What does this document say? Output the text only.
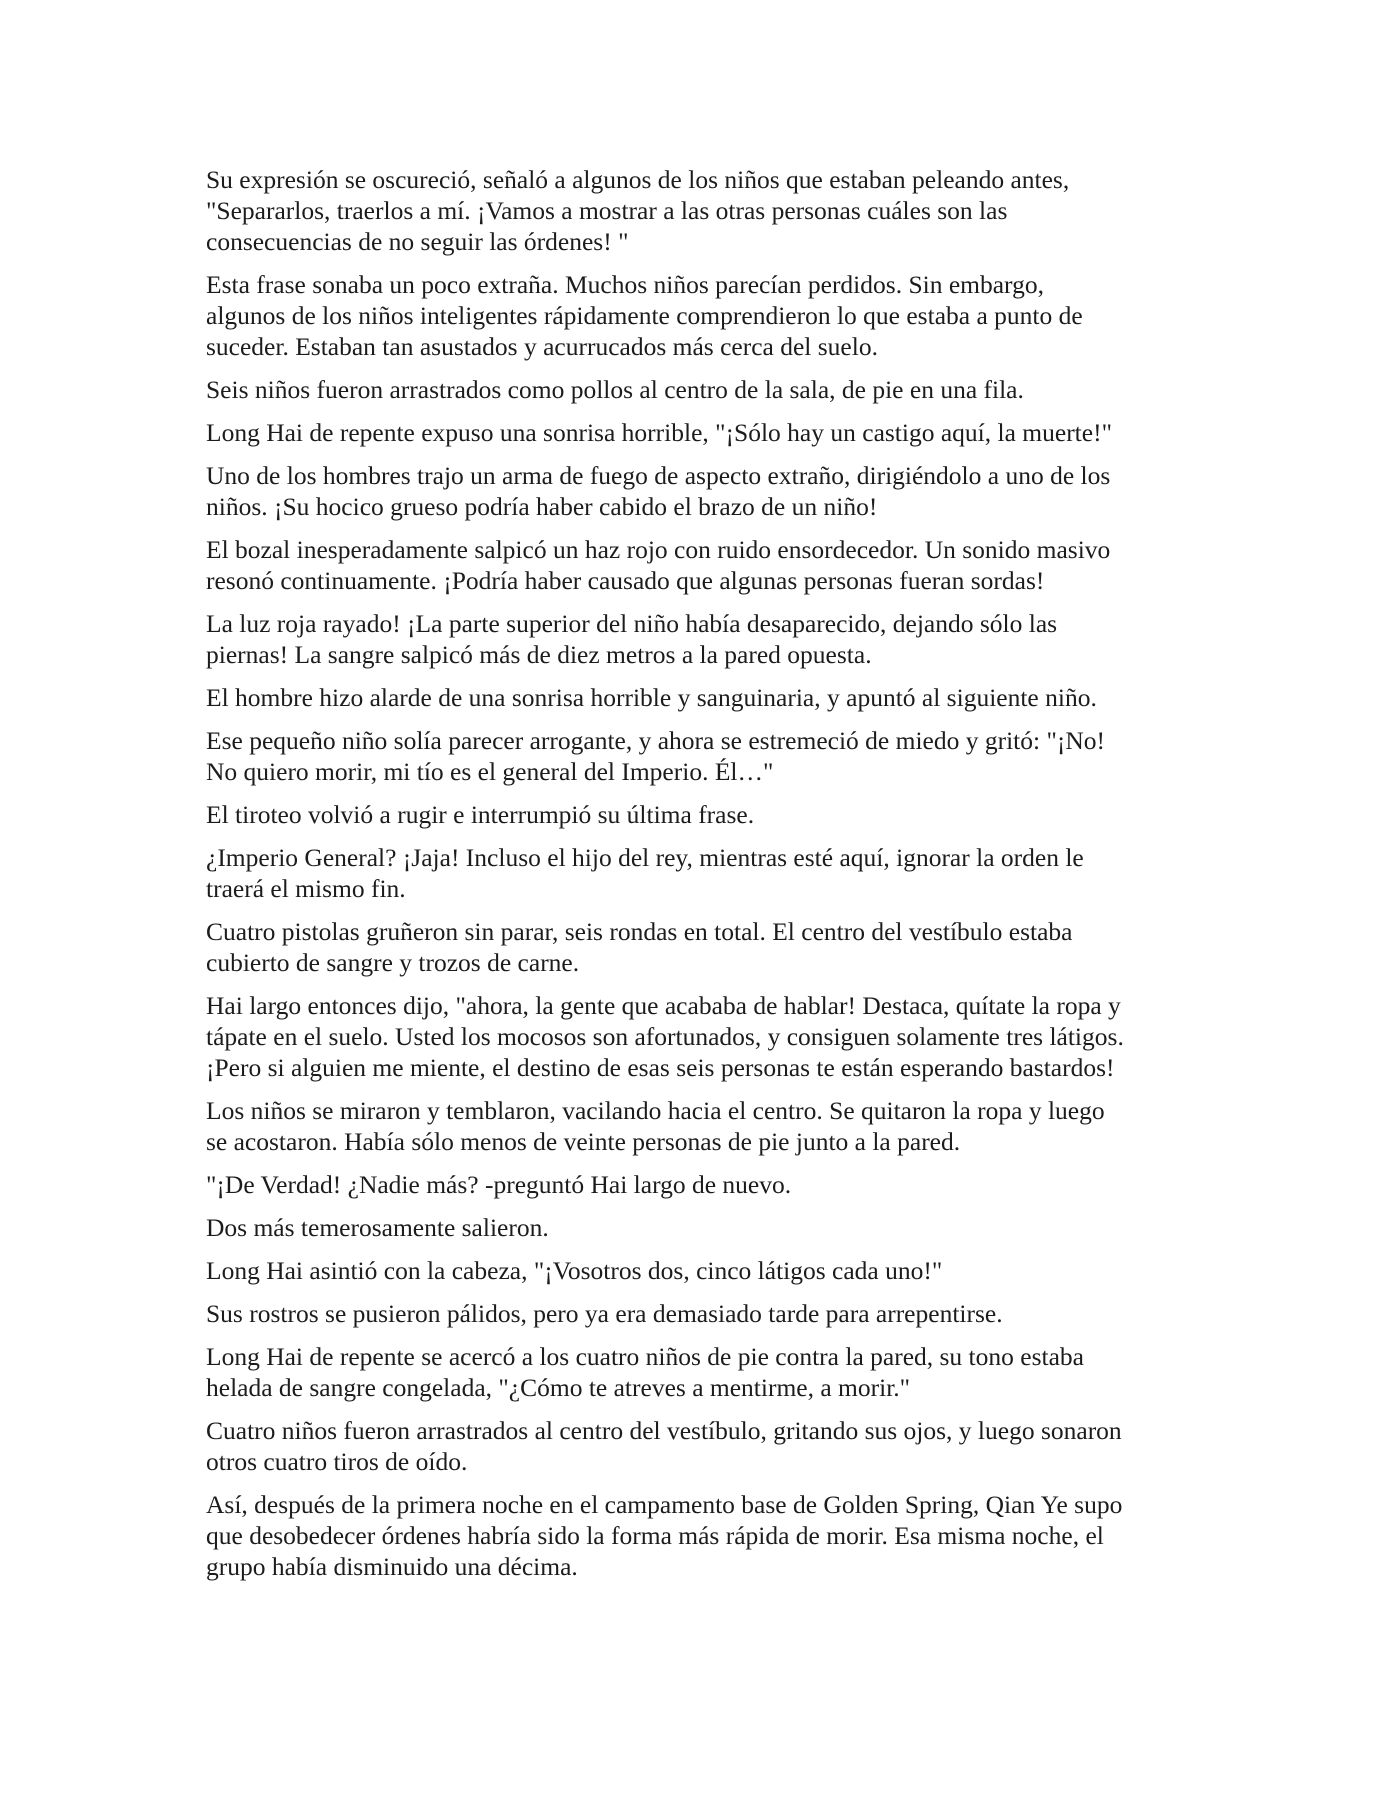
Su expresión se oscureció, señaló a algunos de los niños que estaban peleando antes,
"Separarlos, traerlos a mí. ¡Vamos a mostrar a las otras personas cuáles son las
consecuencias de no seguir las órdenes! "

Esta frase sonaba un poco extraña. Muchos niños parecían perdidos. Sin embargo,
algunos de los niños inteligentes rápidamente comprendieron lo que estaba a punto de
suceder. Estaban tan asustados y acurrucados más cerca del suelo.

Seis niños fueron arrastrados como pollos al centro de la sala, de pie en una fila.

Long Hai de repente expuso una sonrisa horrible, "¡Sólo hay un castigo aquí, la muerte!"

Uno de los hombres trajo un arma de fuego de aspecto extraño, dirigiéndolo a uno de los
niños. ¡Su hocico grueso podría haber cabido el brazo de un niño!

El bozal inesperadamente salpicó un haz rojo con ruido ensordecedor. Un sonido masivo
resonó continuamente. ¡Podría haber causado que algunas personas fueran sordas!

La luz roja rayado! ¡La parte superior del niño había desaparecido, dejando sólo las
piernas! La sangre salpicó más de diez metros a la pared opuesta.

El hombre hizo alarde de una sonrisa horrible y sanguinaria, y apuntó al siguiente niño.

Ese pequeño niño solía parecer arrogante, y ahora se estremeció de miedo y gritó: "¡No!
No quiero morir, mi tío es el general del Imperio. Él…"

El tiroteo volvió a rugir e interrumpió su última frase.

¿Imperio General? ¡Jaja! Incluso el hijo del rey, mientras esté aquí, ignorar la orden le
traerá el mismo fin.

Cuatro pistolas gruñeron sin parar, seis rondas en total. El centro del vestíbulo estaba
cubierto de sangre y trozos de carne.

Hai largo entonces dijo, "ahora, la gente que acababa de hablar! Destaca, quítate la ropa y
tápate en el suelo. Usted los mocosos son afortunados, y consiguen solamente tres látigos.
¡Pero si alguien me miente, el destino de esas seis personas te están esperando bastardos!

Los niños se miraron y temblaron, vacilando hacia el centro. Se quitaron la ropa y luego
se acostaron. Había sólo menos de veinte personas de pie junto a la pared.

"¡De Verdad! ¿Nadie más? -preguntó Hai largo de nuevo.

Dos más temerosamente salieron.

Long Hai asintió con la cabeza, "¡Vosotros dos, cinco látigos cada uno!"

Sus rostros se pusieron pálidos, pero ya era demasiado tarde para arrepentirse.

Long Hai de repente se acercó a los cuatro niños de pie contra la pared, su tono estaba
helada de sangre congelada, "¿Cómo te atreves a mentirme, a morir."

Cuatro niños fueron arrastrados al centro del vestíbulo, gritando sus ojos, y luego sonaron
otros cuatro tiros de oído.

Así, después de la primera noche en el campamento base de Golden Spring, Qian Ye supo
que desobedecer órdenes habría sido la forma más rápida de morir. Esa misma noche, el
grupo había disminuido una décima.
